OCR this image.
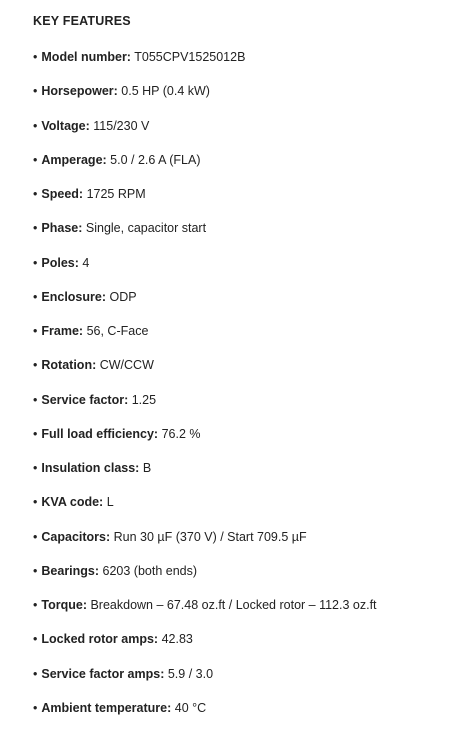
KEY FEATURES
• Model number: T055CPV1525012B
• Horsepower: 0.5 HP (0.4 kW)
• Voltage: 115/230 V
• Amperage: 5.0 / 2.6 A (FLA)
• Speed: 1725 RPM
• Phase: Single, capacitor start
• Poles: 4
• Enclosure: ODP
• Frame: 56, C-Face
• Rotation: CW/CCW
• Service factor: 1.25
• Full load efficiency: 76.2 %
• Insulation class: B
• KVA code: L
• Capacitors: Run 30 µF (370 V) / Start 709.5 µF
• Bearings: 6203 (both ends)
• Torque: Breakdown – 67.48 oz.ft / Locked rotor – 112.3 oz.ft
• Locked rotor amps: 42.83
• Service factor amps: 5.9 / 3.0
• Ambient temperature: 40 °C
